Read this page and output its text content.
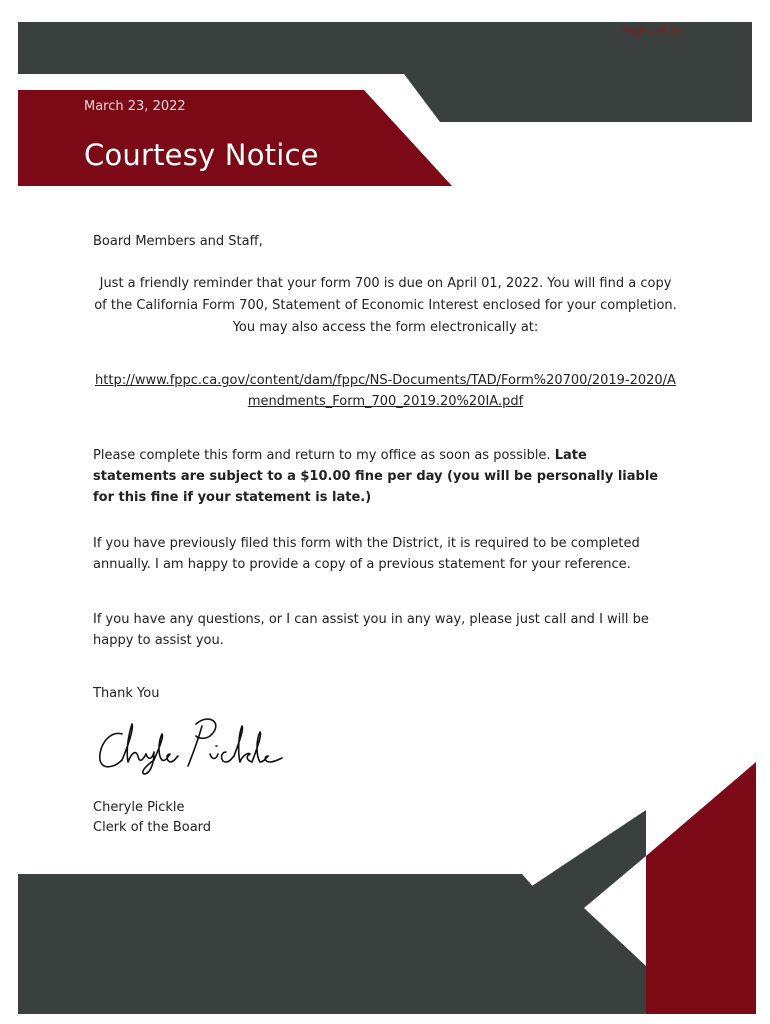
Page 1 of 50
March 23, 2022
Courtesy Notice
Board Members and Staff,

Just a friendly reminder that your form 700 is due on April 01, 2022. You will find a copy of the California Form 700, Statement of Economic Interest enclosed for your completion. You may also access the form electronically at:

http://www.fppc.ca.gov/content/dam/fppc/NS-Documents/TAD/Form%20700/2019-2020/Amendments_Form_700_2019.20%20IA.pdf

Please complete this form and return to my office as soon as possible. Late statements are subject to a $10.00 fine per day (you will be personally liable for this fine if your statement is late.)

If you have previously filed this form with the District, it is required to be completed annually. I am happy to provide a copy of a previous statement for your reference.

If you have any questions, or I can assist you in any way, please just call and I will be happy to assist you.

Thank You
Cheryle Pickle
Clerk of the Board
